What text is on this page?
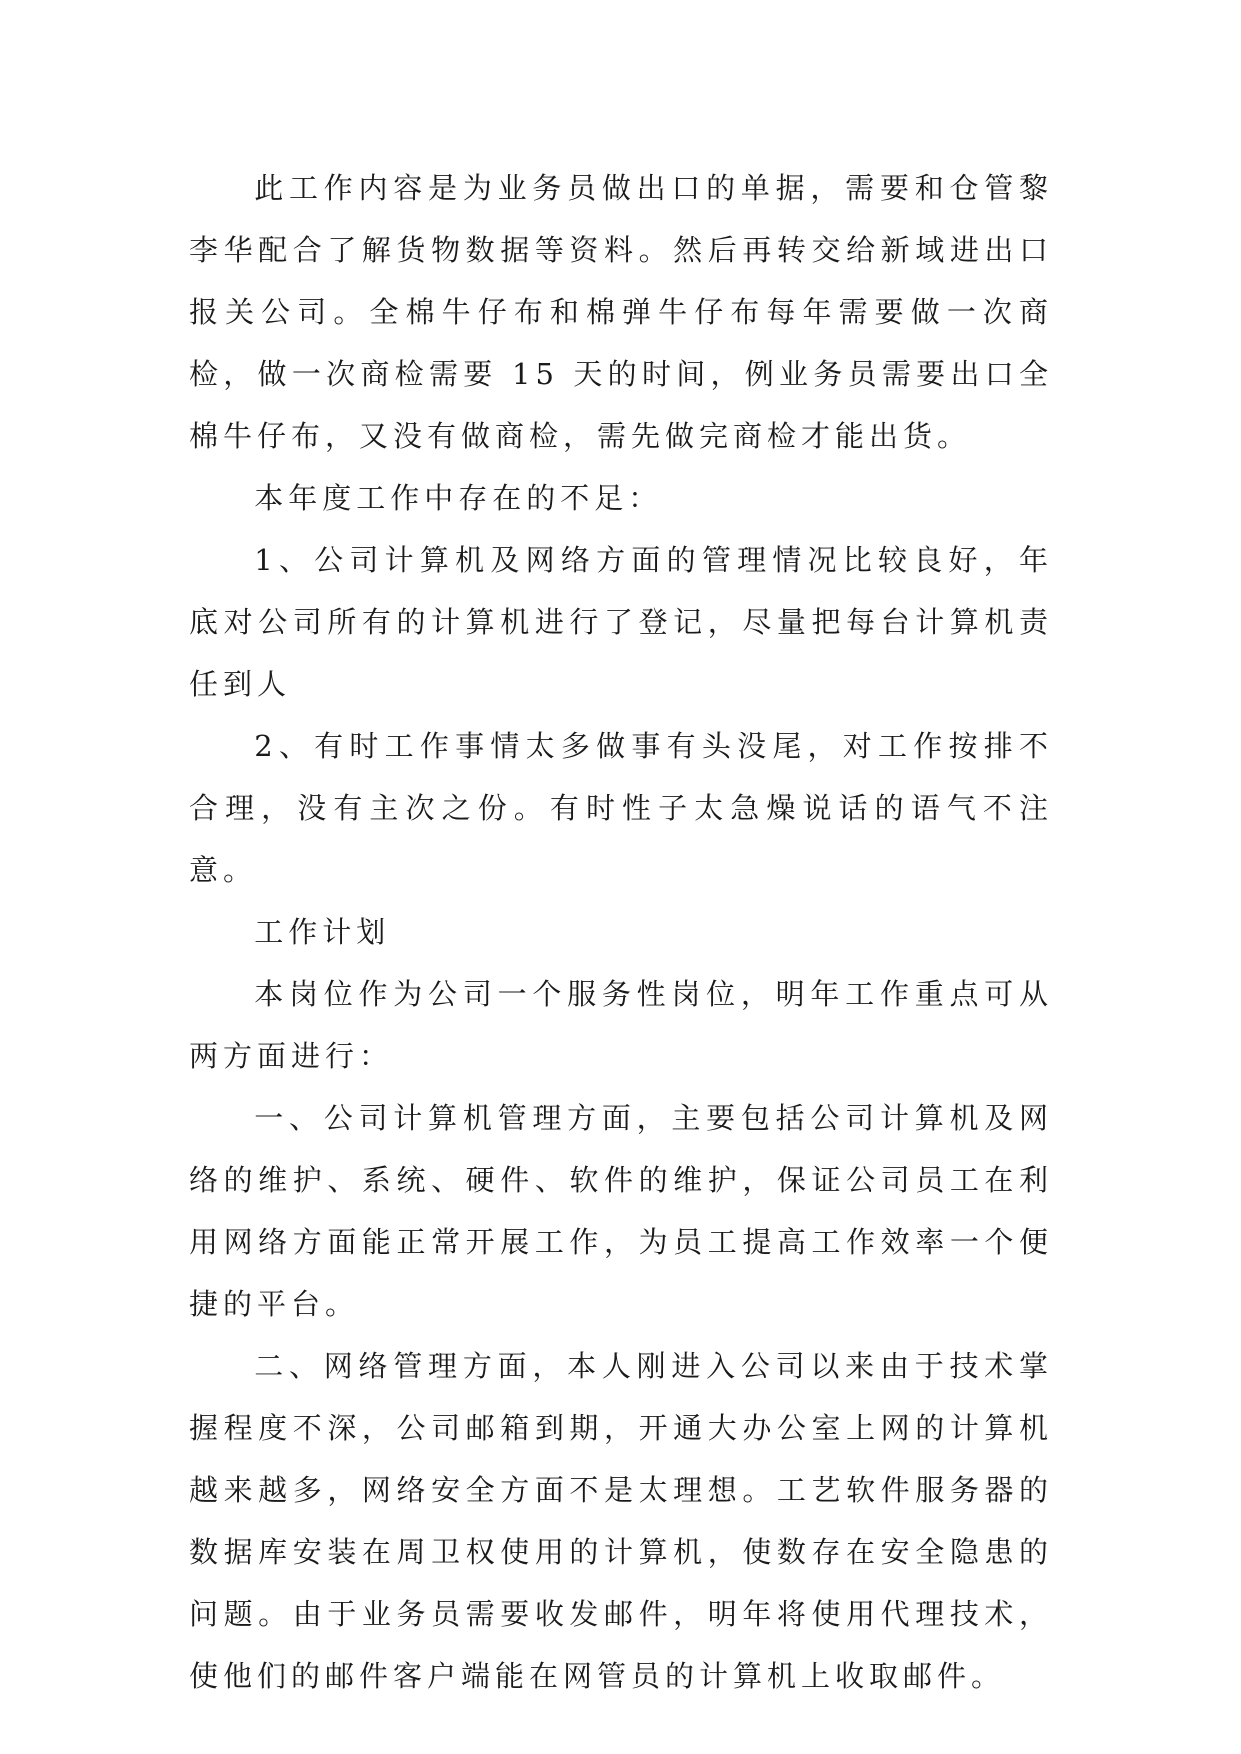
此工作内容是为业务员做出口的单据，需要和仓管黎李华配合了解货物数据等资料。然后再转交给新域进出口报关公司。全棉牛仔布和棉弹牛仔布每年需要做一次商检，做一次商检需要 15 天的时间，例业务员需要出口全棉牛仔布，又没有做商检，需先做完商检才能出货。

本年度工作中存在的不足：

1、公司计算机及网络方面的管理情况比较良好，年底对公司所有的计算机进行了登记，尽量把每台计算机责任到人

2、有时工作事情太多做事有头没尾，对工作按排不合理，没有主次之份。有时性子太急燥说话的语气不注意。

工作计划

本岗位作为公司一个服务性岗位，明年工作重点可从两方面进行：

一、公司计算机管理方面，主要包括公司计算机及网络的维护、系统、硬件、软件的维护，保证公司员工在利用网络方面能正常开展工作，为员工提高工作效率一个便捷的平台。

二、网络管理方面，本人刚进入公司以来由于技术掌握程度不深，公司邮箱到期，开通大办公室上网的计算机越来越多，网络安全方面不是太理想。工艺软件服务器的数据库安装在周卫权使用的计算机，使数存在安全隐患的问题。由于业务员需要收发邮件，明年将使用代理技术，使他们的邮件客户端能在网管员的计算机上收取邮件。
